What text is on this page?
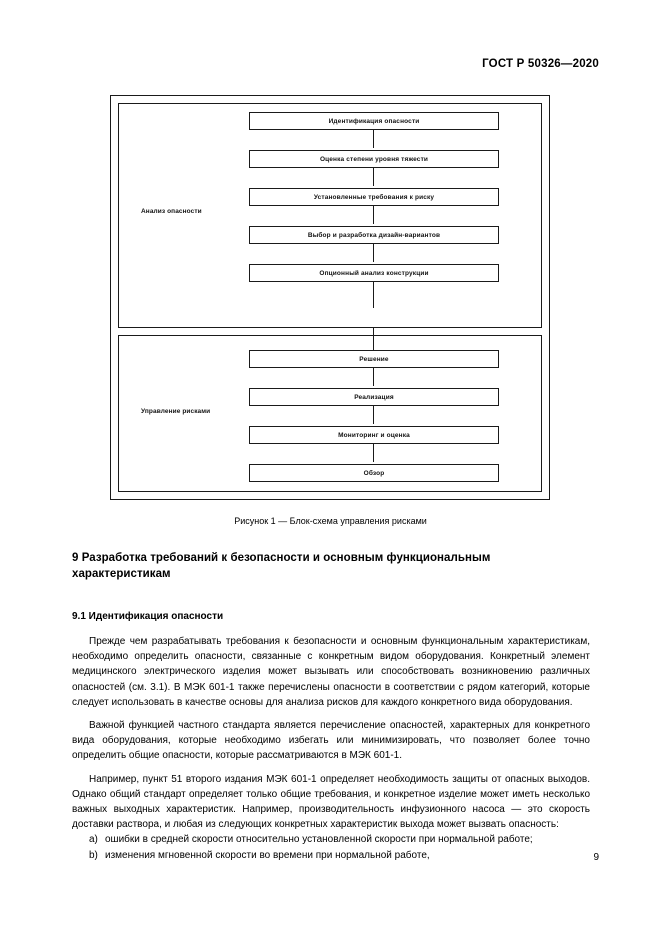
ГОСТ Р 50326—2020
Анализ опасности
Идентификация опасности
Оценка степени уровня тяжести
Установленные требования к риску
Выбор и разработка дизайн-вариантов
Опционный анализ конструкции
Управление рисками
Решение
Реализация
Мониторинг и оценка
Обзор
Рисунок 1 — Блок-схема управления рисками
9 Разработка требований к безопасности и основным функциональным характеристикам
9.1 Идентификация опасности

Прежде чем разрабатывать требования к безопасности и основным функциональным характеристикам, необходимо определить опасности, связанные с конкретным видом оборудования. Конкретный элемент медицинского электрического изделия может вызывать или способствовать возникновению различных опасностей (см. 3.1). В МЭК 601-1 также перечислены опасности в соответствии с рядом категорий, которые следует использовать в качестве основы для анализа рисков для каждого конкретного вида оборудования.

Важной функцией частного стандарта является перечисление опасностей, характерных для конкретного вида оборудования, которые необходимо избегать или минимизировать, что позволяет более точно определить общие опасности, которые рассматриваются в МЭК 601-1.

Например, пункт 51 второго издания МЭК 601-1 определяет необходимость защиты от опасных выходов. Однако общий стандарт определяет только общие требования, и конкретное изделие может иметь несколько важных выходных характеристик. Например, производительность инфузионного насоса — это скорость доставки раствора, и любая из следующих конкретных характеристик выхода может вызвать опасность:

a) ошибки в средней скорости относительно установленной скорости при нормальной работе;
b) изменения мгновенной скорости во времени при нормальной работе,	9
